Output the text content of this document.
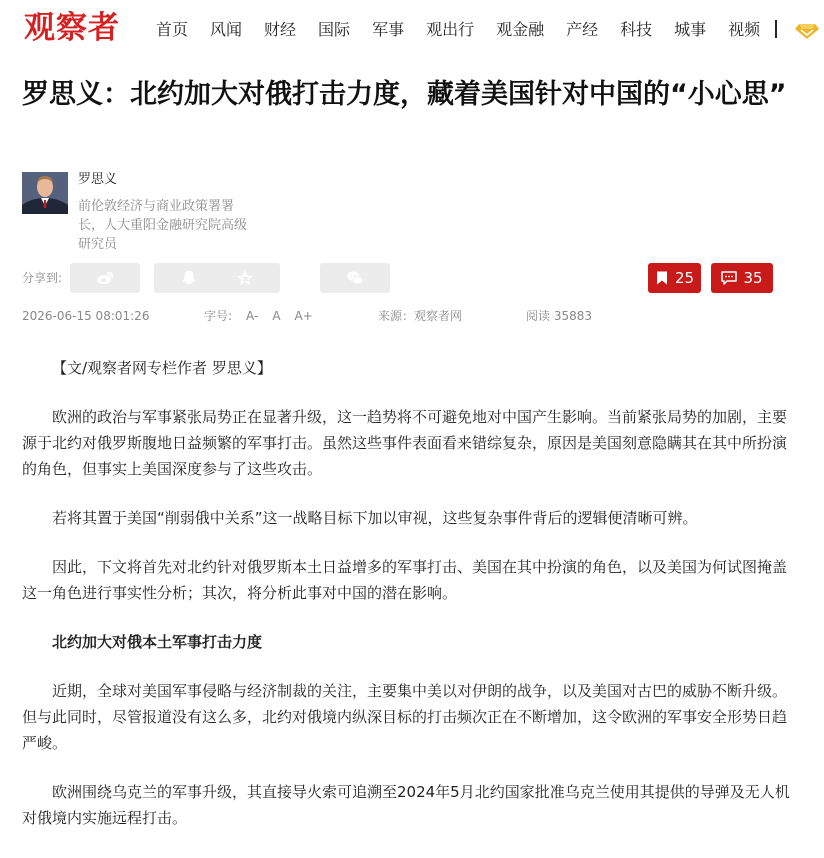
观察者 首页 风闻 财经 国际 军事 观出行 观金融 产经 科技 城事 视频
罗思义：北约加大对俄打击力度，藏着美国针对中国的“小心思”
罗思义
前伦敦经济与商业政策署署长，人大重阳金融研究院高级研究员
分享到:	25	35
2026-06-15 08:01:26	字号: A- A A+	来源：观察者网	阅读 35883

【文/观察者网专栏作者 罗思义】

欧洲的政治与军事紧张局势正在显著升级，这一趋势将不可避免地对中国产生影响。当前紧张局势的加剧，主要源于北约对俄罗斯腹地日益频繁的军事打击。虽然这些事件表面看来错综复杂，原因是美国刻意隐瞒其在其中所扮演的角色，但事实上美国深度参与了这些攻击。

若将其置于美国“削弱俄中关系”这一战略目标下加以审视，这些复杂事件背后的逻辑便清晰可辨。

因此，下文将首先对北约针对俄罗斯本土日益增多的军事打击、美国在其中扮演的角色，以及美国为何试图掩盖这一角色进行事实性分析；其次，将分析此事对中国的潜在影响。

北约加大对俄本土军事打击力度

近期，全球对美国军事侵略与经济制裁的关注，主要集中美以对伊朗的战争，以及美国对古巴的威胁不断升级。但与此同时，尽管报道没有这么多，北约对俄境内纵深目标的打击频次正在不断增加，这令欧洲的军事安全形势日趋严峻。

欧洲围绕乌克兰的军事升级，其直接导火索可追溯至2024年5月北约国家批准乌克兰使用其提供的导弹及无人机对俄境内实施远程打击。
